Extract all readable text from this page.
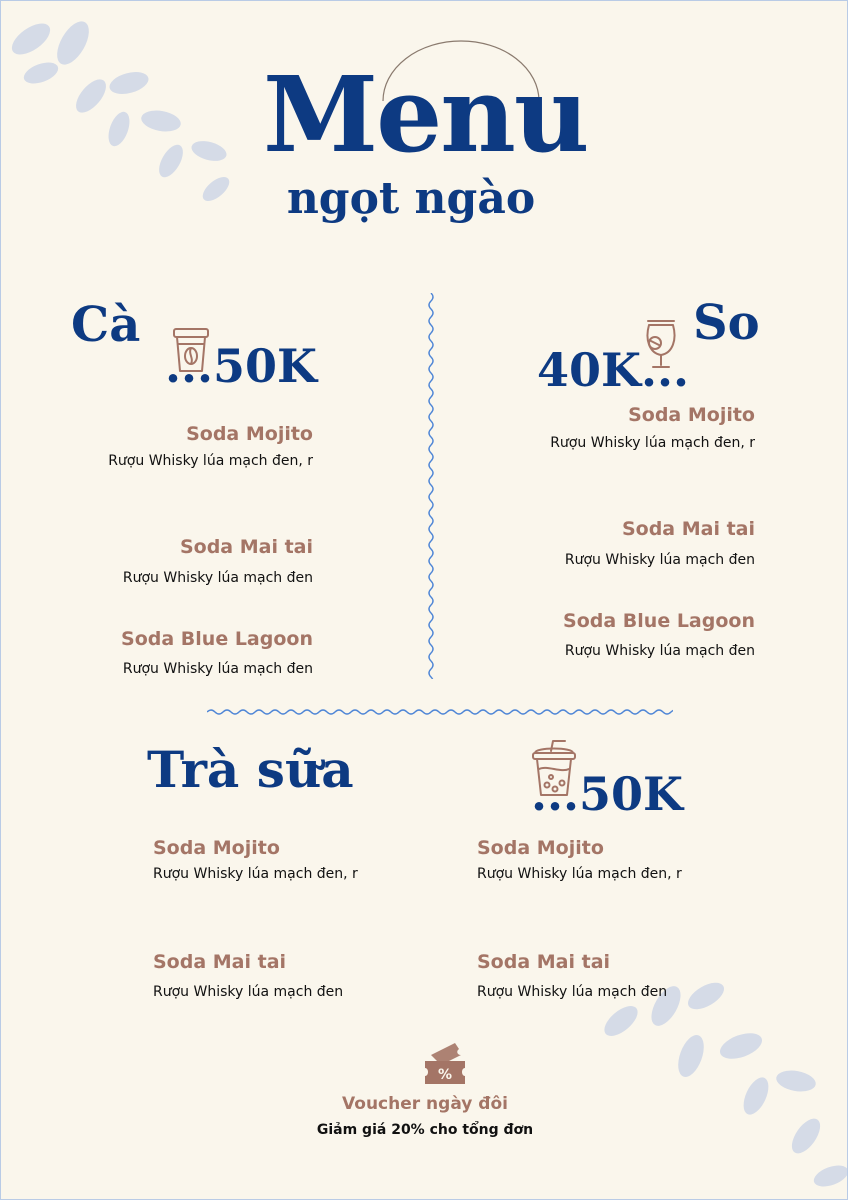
Menu
ngọt ngào
Cà
...50K
Soda Mojito
Rượu Whisky lúa mạch đen, r
Soda Mai tai
Rượu Whisky lúa mạch đen
Soda Blue Lagoon
Rượu Whisky lúa mạch đen
So
40K...
Soda Mojito
Rượu Whisky lúa mạch đen, r
Soda Mai tai
Rượu Whisky lúa mạch đen
Soda Blue Lagoon
Rượu Whisky lúa mạch đen
Trà sữa	...50K
Soda Mojito
Rượu Whisky lúa mạch đen, r
Soda Mai tai
Rượu Whisky lúa mạch đen
Soda Mojito
Rượu Whisky lúa mạch đen, r
Soda Mai tai
Rượu Whisky lúa mạch đen
%
Voucher ngày đôi
Giảm giá 20% cho tổng đơn
